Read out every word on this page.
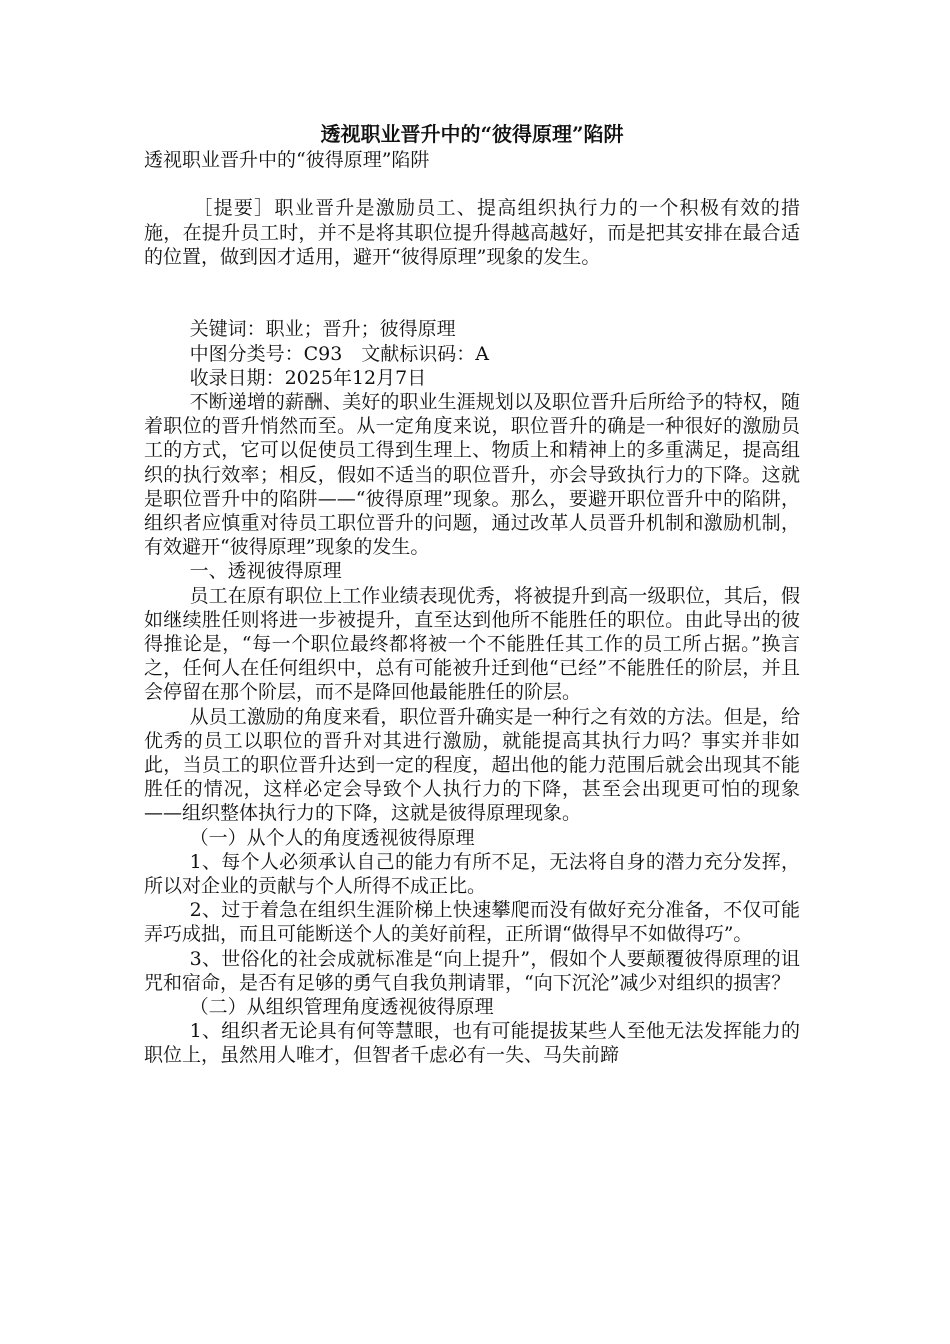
透视职业晋升中的“彼得原理”陷阱

透视职业晋升中的“彼得原理”陷阱

［提要］职业晋升是激励员工、提高组织执行力的一个积极有效的措施，在提升员工时，并不是将其职位提升得越高越好，而是把其安排在最合适的位置，做到因才适用，避开“彼得原理”现象的发生。

关键词：职业；晋升；彼得原理

中图分类号：C93　文献标识码：A

收录日期：2025年12月7日

不断递增的薪酬、美好的职业生涯规划以及职位晋升后所给予的特权，随着职位的晋升悄然而至。从一定角度来说，职位晋升的确是一种很好的激励员工的方式，它可以促使员工得到生理上、物质上和精神上的多重满足，提高组织的执行效率；相反，假如不适当的职位晋升，亦会导致执行力的下降。这就是职位晋升中的陷阱——“彼得原理”现象。那么，要避开职位晋升中的陷阱，组织者应慎重对待员工职位晋升的问题，通过改革人员晋升机制和激励机制，有效避开“彼得原理”现象的发生。

一、透视彼得原理

员工在原有职位上工作业绩表现优秀，将被提升到高一级职位，其后，假如继续胜任则将进一步被提升，直至达到他所不能胜任的职位。由此导出的彼得推论是，“每一个职位最终都将被一个不能胜任其工作的员工所占据。”换言之，任何人在任何组织中，总有可能被升迁到他“已经”不能胜任的阶层，并且会停留在那个阶层，而不是降回他最能胜任的阶层。

从员工激励的角度来看，职位晋升确实是一种行之有效的方法。但是，给优秀的员工以职位的晋升对其进行激励，就能提高其执行力吗？事实并非如此，当员工的职位晋升达到一定的程度，超出他的能力范围后就会出现其不能胜任的情况，这样必定会导致个人执行力的下降，甚至会出现更可怕的现象——组织整体执行力的下降，这就是彼得原理现象。

（一）从个人的角度透视彼得原理

1、每个人必须承认自己的能力有所不足，无法将自身的潜力充分发挥，所以对企业的贡献与个人所得不成正比。

2、过于着急在组织生涯阶梯上快速攀爬而没有做好充分准备，不仅可能弄巧成拙，而且可能断送个人的美好前程，正所谓“做得早不如做得巧”。

3、世俗化的社会成就标准是“向上提升”，假如个人要颠覆彼得原理的诅咒和宿命，是否有足够的勇气自我负荆请罪，“向下沉沦”减少对组织的损害？

（二）从组织管理角度透视彼得原理

1、组织者无论具有何等慧眼，也有可能提拔某些人至他无法发挥能力的职位上，虽然用人唯才，但智者千虑必有一失、马失前蹄
